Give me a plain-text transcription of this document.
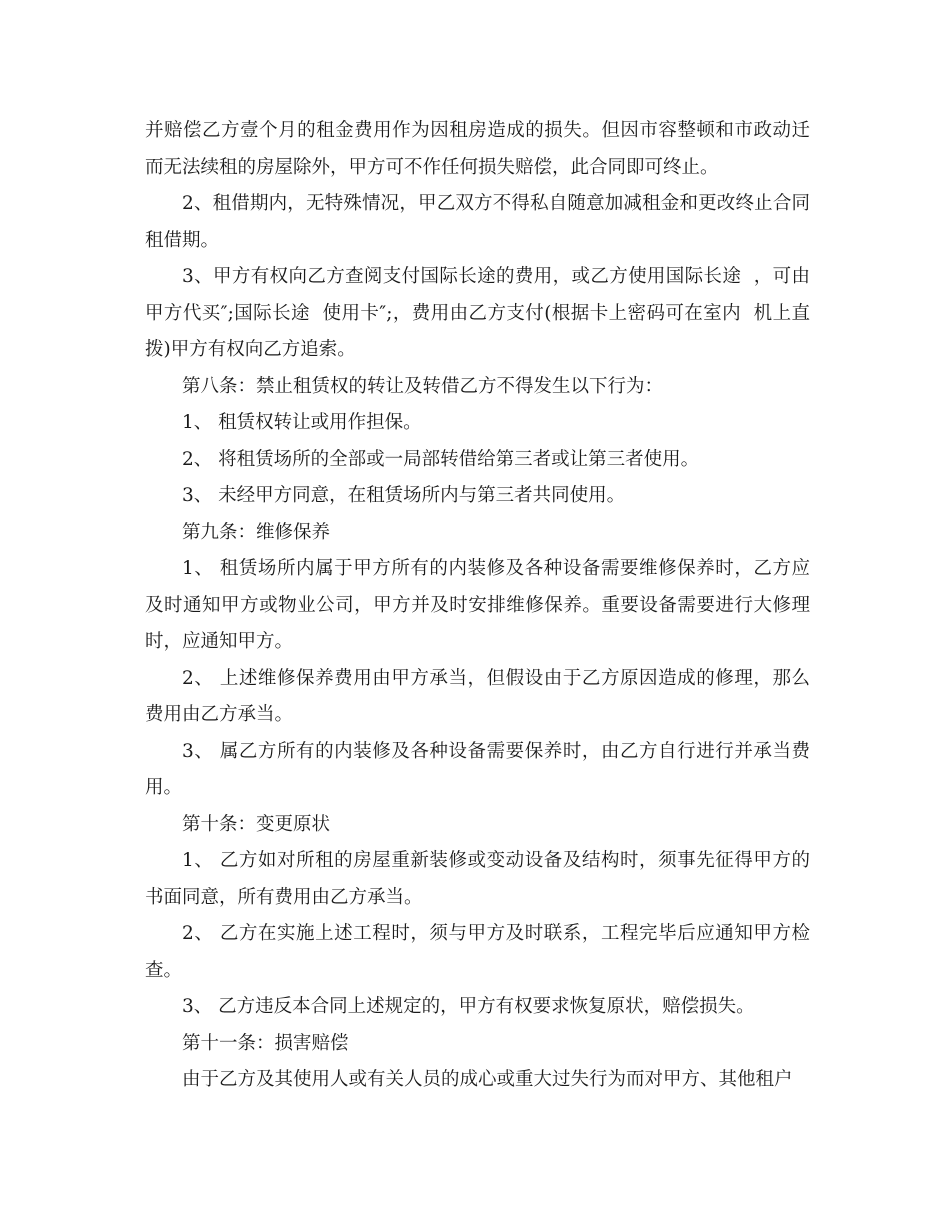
并赔偿乙方壹个月的租金费用作为因租房造成的损失。但因市容整顿和市政动迁而无法续租的房屋除外，甲方可不作任何损失赔偿，此合同即可终止。

2、租借期内，无特殊情况，甲乙双方不得私自随意加减租金和更改终止合同租借期。

3、甲方有权向乙方查阅支付国际长途的费用，或乙方使用国际长途  ，可由甲方代买″;国际长途  使用卡″;，费用由乙方支付(根据卡上密码可在室内  机上直拨)甲方有权向乙方追索。

第八条：禁止租赁权的转让及转借乙方不得发生以下行为：

1、 租赁权转让或用作担保。

2、 将租赁场所的全部或一局部转借给第三者或让第三者使用。

3、 未经甲方同意，在租赁场所内与第三者共同使用。

第九条：维修保养

1、 租赁场所内属于甲方所有的内装修及各种设备需要维修保养时，乙方应及时通知甲方或物业公司，甲方并及时安排维修保养。重要设备需要进行大修理时，应通知甲方。

2、 上述维修保养费用由甲方承当，但假设由于乙方原因造成的修理，那么费用由乙方承当。

3、 属乙方所有的内装修及各种设备需要保养时，由乙方自行进行并承当费用。

第十条：变更原状

1、 乙方如对所租的房屋重新装修或变动设备及结构时，须事先征得甲方的书面同意，所有费用由乙方承当。

2、 乙方在实施上述工程时，须与甲方及时联系，工程完毕后应通知甲方检查。

3、 乙方违反本合同上述规定的，甲方有权要求恢复原状，赔偿损失。

第十一条：损害赔偿

由于乙方及其使用人或有关人员的成心或重大过失行为而对甲方、其他租户
